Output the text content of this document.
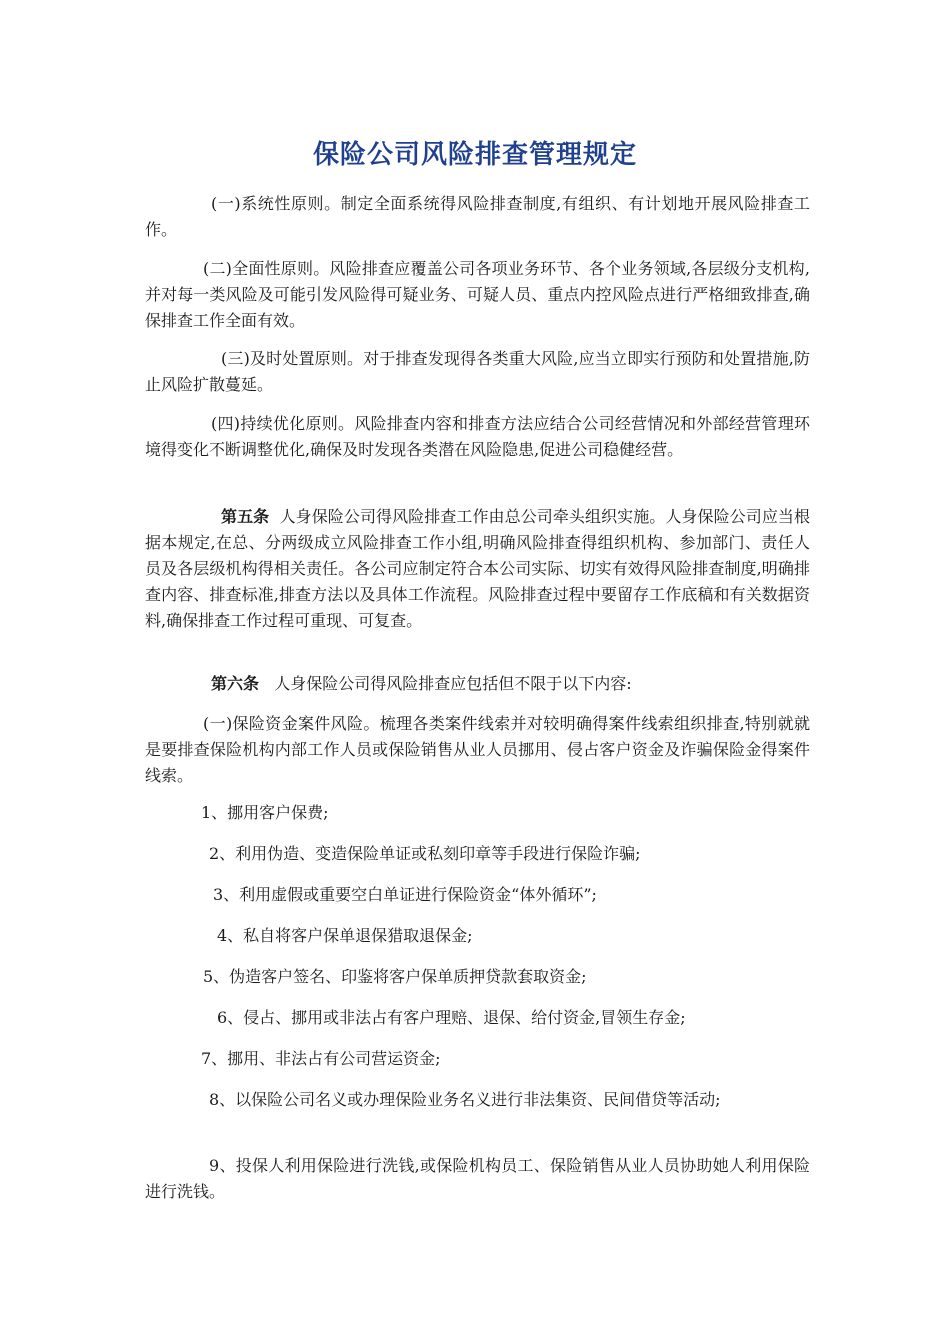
保险公司风险排查管理规定

(一)系统性原则。制定全面系统得风险排查制度,有组织、有计划地开展风险排查工作。

(二)全面性原则。风险排查应覆盖公司各项业务环节、各个业务领域,各层级分支机构,并对每一类风险及可能引发风险得可疑业务、可疑人员、重点内控风险点进行严格细致排查,确保排查工作全面有效。

(三)及时处置原则。对于排查发现得各类重大风险,应当立即实行预防和处置措施,防止风险扩散蔓延。

(四)持续优化原则。风险排查内容和排查方法应结合公司经营情况和外部经营管理环境得变化不断调整优化,确保及时发现各类潜在风险隐患,促进公司稳健经营。

第五条 人身保险公司得风险排查工作由总公司牵头组织实施。人身保险公司应当根据本规定,在总、分两级成立风险排查工作小组,明确风险排查得组织机构、参加部门、责任人员及各层级机构得相关责任。各公司应制定符合本公司实际、切实有效得风险排查制度,明确排查内容、排查标准,排查方法以及具体工作流程。风险排查过程中要留存工作底稿和有关数据资料,确保排查工作过程可重现、可复查。

第六条 人身保险公司得风险排查应包括但不限于以下内容:

(一)保险资金案件风险。梳理各类案件线索并对较明确得案件线索组织排查,特别就就是要排查保险机构内部工作人员或保险销售从业人员挪用、侵占客户资金及诈骗保险金得案件线索。

1、挪用客户保费;

2、利用伪造、变造保险单证或私刻印章等手段进行保险诈骗;

3、利用虚假或重要空白单证进行保险资金“体外循环”;

4、私自将客户保单退保猎取退保金;

5、伪造客户签名、印鉴将客户保单质押贷款套取资金;

6、侵占、挪用或非法占有客户理赔、退保、给付资金,冒领生存金;

7、挪用、非法占有公司营运资金;

8、以保险公司名义或办理保险业务名义进行非法集资、民间借贷等活动;

9、投保人利用保险进行洗钱,或保险机构员工、保险销售从业人员协助她人利用保险进行洗钱。
